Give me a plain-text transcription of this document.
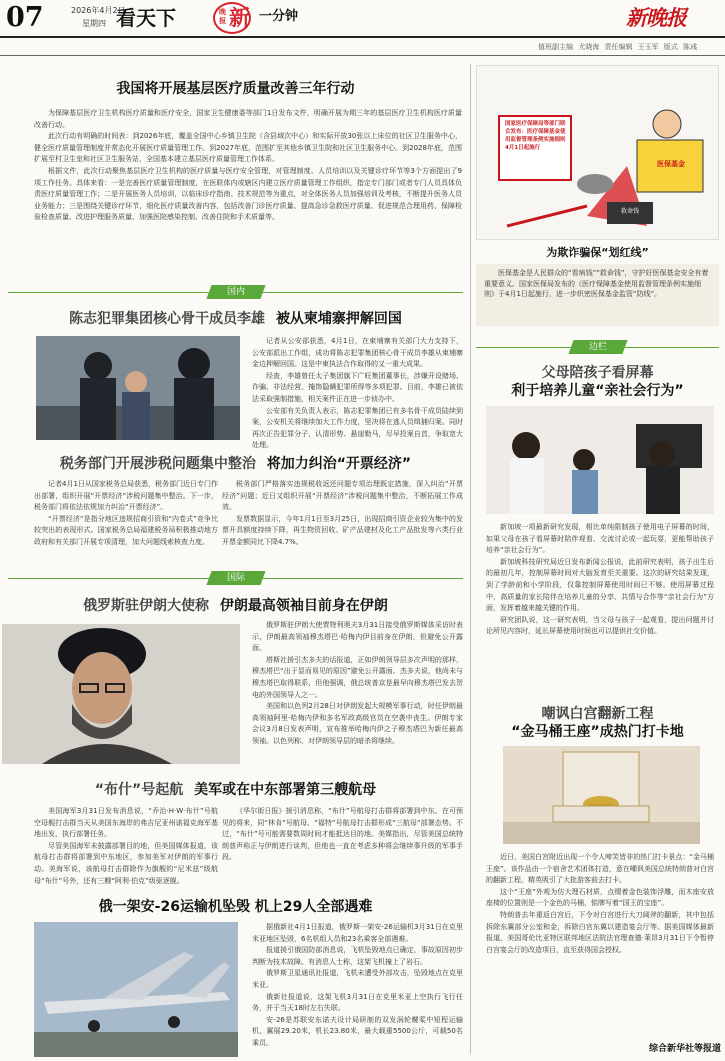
07	2026年4月2日
星期四 看天下	晚报 新 一分钟	新晚报
值班副主编 尤晓海 责任编辑 王玉军 版式 陈彧
我国将开展基层医疗质量改善三年行动

为保障基层医疗卫生机构医疗质量和医疗安全，国家卫生健康委等部门1日发布文件，明确开展为期三年的基层医疗卫生机构医疗质量改善行动。

此次行动有明确的时间表：到2026年底，覆盖全国中心乡镇卫生院（含县域次中心）和实际开放30张以上床位的社区卫生服务中心，健全医疗质量管理制度并常态化开展医疗质量管理工作。到2027年底，范围扩至其他乡镇卫生院和社区卫生服务中心。到2028年底，范围扩展至村卫生室和社区卫生服务站，全国基本建立基层医疗质量管理工作体系。

根据文件，此次行动聚焦基层医疗卫生机构的医疗质量与医疗安全管理，对管理制度、人员培训以及关键诊疗环节等3个方面提出了9项工作任务。具体来看：一是完善医疗质量管理制度，在医联体内或辖区内建立医疗质量管理工作组织，指定专门部门或者专门人员具体负责医疗质量管理工作；二是开展医务人员培训，以临床诊疗指南、技术规范等为重点，对全体医务人员加强培训及考核，不断提升医务人员业务能力；三是围绕关键诊疗环节，细化医疗质量改善内容，包括改善门诊医疗质量、提高急诊急救医疗质量、促进规范合理用药、保障检验检查质量、改进护理服务质量、加强医院感染控制、改善住院和手术质量等。

国家医疗保障局等部门联合发布：医疗保障基金使用监督管理条例实施细则 4月1日起施行
医保基金
救命钱
为欺诈骗保“划红线”
医保基金是人民群众的“看病钱”“救命钱”，守护好医保基金安全有着重要意义。国家医保局发布的《医疗保障基金使用监督管理条例实施细则》于4月1日起施行，进一步织密医保基金监管“防线”。
国内
陈志犯罪集团核心骨干成员李雄 被从柬埔寨押解回国

记者从公安部获悉，4月1日，在柬埔寨有关部门大力支持下，公安部派出工作组，成功将陈志犯罪集团核心骨干成员李雄从柬埔寨金边押解回国。这是中柬执法合作取得的又一重大成果。

经查，李雄曾任太子集团旗下广旺集团董事长，涉嫌开设赌场、诈骗、非法经营、掩饰隐瞒犯罪所得等多项犯罪。目前，李雄已被依法采取强制措施，相关案件正在进一步侦办中。

公安部有关负责人表示，陈志犯罪集团已有多名骨干成员陆续到案，公安机关将继续加大工作力度，坚决将在逃人员缉捕归案。同时再次正告犯罪分子，认清形势、悬崖勒马，尽早投案自首，争取宽大处理。

税务部门开展涉税问题集中整治 将加力纠治“开票经济”

记者4月1日从国家税务总局获悉，税务部门近日专门作出部署，组织开展“开票经济”涉税问题集中整治。下一步，税务部门将依法依规加力纠治“开票经济”。

“开票经济”是指分地区违规招商引资和“内卷式”竞争比较突出的表现形式。国家税务总局福建税务局积极推动地方政府和有关部门开展专项清理，加大问题线索核查力度。

税务部门严格落实违规税收返还问题专项治理既定措施，深入纠治“开票经济”问题；近日又组织开展“开票经济”涉税问题集中整治，不断拓展工作成效。

发票数据显示，今年1月1日至3月25日，出现招商引资企业较为集中的发票开具额度持续下降，再生物资回收、矿产品建材及化工产品批发等六类行业开票金额同比下降4.7%。

国际
俄罗斯驻伊朗大使称 伊朗最高领袖目前身在伊朗

俄罗斯驻伊朗大使贾特利奥夫3月31日接受俄罗斯媒体采访时表示，伊朗最高领袖穆杰塔巴·哈梅内伊目前身在伊朗，但避免公开露面。

塔斯社援引杰多夫的话报道，正如伊朗领导层多次声明的那样，穆杰塔巴“出于显而易见的原因”避免公开露面。杰多夫说，他尚未与穆杰塔巴取得联系，但他强调，俄总统普京是最早向穆杰塔巴发去贺电的外国领导人之一。

美国和以色列2月28日对伊朗发起大规模军事行动，时任伊朗最高领袖阿里·哈梅内伊和多名军政高级官员在空袭中丧生。伊朗专家会议3月8日发表声明，宣布推举哈梅内伊之子穆杰塔巴为新任最高领袖。以色列称，对伊朗领导层的暗杀将继续。

“布什”号起航 美军或在中东部署第三艘航母

美国海军3月31日发布消息说，“乔治·H·W·布什”号航空母舰打击群当天从美国东海岸的弗吉尼亚州诺福克海军基地出发，执行部署任务。

尽管美国海军未披露部署目的地，但美国媒体报道，该航母打击群将部署到中东地区，参加美军对伊朗的军事行动。美海军说，该航母打击群除作为旗舰的“尼米兹”级航母“布什”号外，还有三艘“阿利·伯克”级驱逐舰。

《华尔街日报》援引消息称，“布什”号航母打击群将部署到中东。在可预见的将来，同“林肯”号航母、“福特”号航母打击群形成“三航母”部署态势。不过，“布什”号可能需要数周时间才能抵达目的地。美媒指出，尽管美国总统特朗普声称正与伊朗进行谈判，但他也一直在考虑多种将会继续事升级的军事手段。

俄一架安-26运输机坠毁 机上29人全部遇难

据俄新社4月1日报道，俄罗斯一架安-26运输机3月31日在克里米亚地区坠毁，6名机组人员和23名乘客全部遇难。

报道援引俄国防部消息说，飞机坠毁地点已确定，事故原因初步判断为技术故障。有消息人士称，这架飞机撞上了岩石。

俄罗斯卫星通讯社报道，飞机未遭受外部攻击，坠毁地点在克里米亚。

俄新社报道说，这架飞机3月31日在克里米亚上空执行飞行任务，并于当天18时左右失联。

安-26是苏联安东诺夫设计局研制的双发涡轮螺桨中短程运输机，翼展29.20米，机长23.80米，最大载重5500公斤，可载50名乘员。

边栏
父母陪孩子看屏幕
利于培养儿童“亲社会行为”

新加坡一项最新研究发现，相比单纯限制孩子使用电子屏幕的时间，如果父母在孩子看屏幕时陪伴观看、交流讨论或一起玩耍，更能帮助孩子培养“亲社会行为”。

新加坡科技研究局近日发布新闻公报说，此前研究表明，孩子出生后的最初几年，控制屏幕时间对大脑发育至关重要。这次的研究结果发现，到了学龄前和小学阶段，仅靠控制屏幕使用时间已不够。使用屏幕过程中，高质量的家长陪伴在培养儿童的分享、共情与合作等“亲社会行为”方面，发挥着越来越关键的作用。

研究团队说，这一研究表明，当父母与孩子一起观看，提出问题并讨论所见内容时，延长屏幕使用时间也可以提供社交价值。

嘲讽白宫翻新工程
“金马桶王座”成热门打卡地

近日，美国白宫附近出现一个令人啼笑皆非的热门打卡景点：“金马桶王座”。该作品由一个宿舍艺术团体打造，意在嘲讽美国总统特朗普对白宫的翻新工程，精英吸引了大批游客前去打卡。

这个“王座”外观为仿大理石材质，点缀着金色装饰浮雕，而木座安放座椅的位置则是一个金色的马桶，铭牌写着“国王的宝座”。

特朗普去年重返白宫后，下令对白宫进行大刀阔斧的翻新，其中包括拆除东翼部分公室和金，拆除白宫东翼以建造宴会厅等。据美国媒体最新报道，美国哥伦比亚特区联邦地区法院法官理查德·莱昂3月31日下令暂停白宫宴会厅的改造项目，直至获得国会授权。

综合新华社等报道
